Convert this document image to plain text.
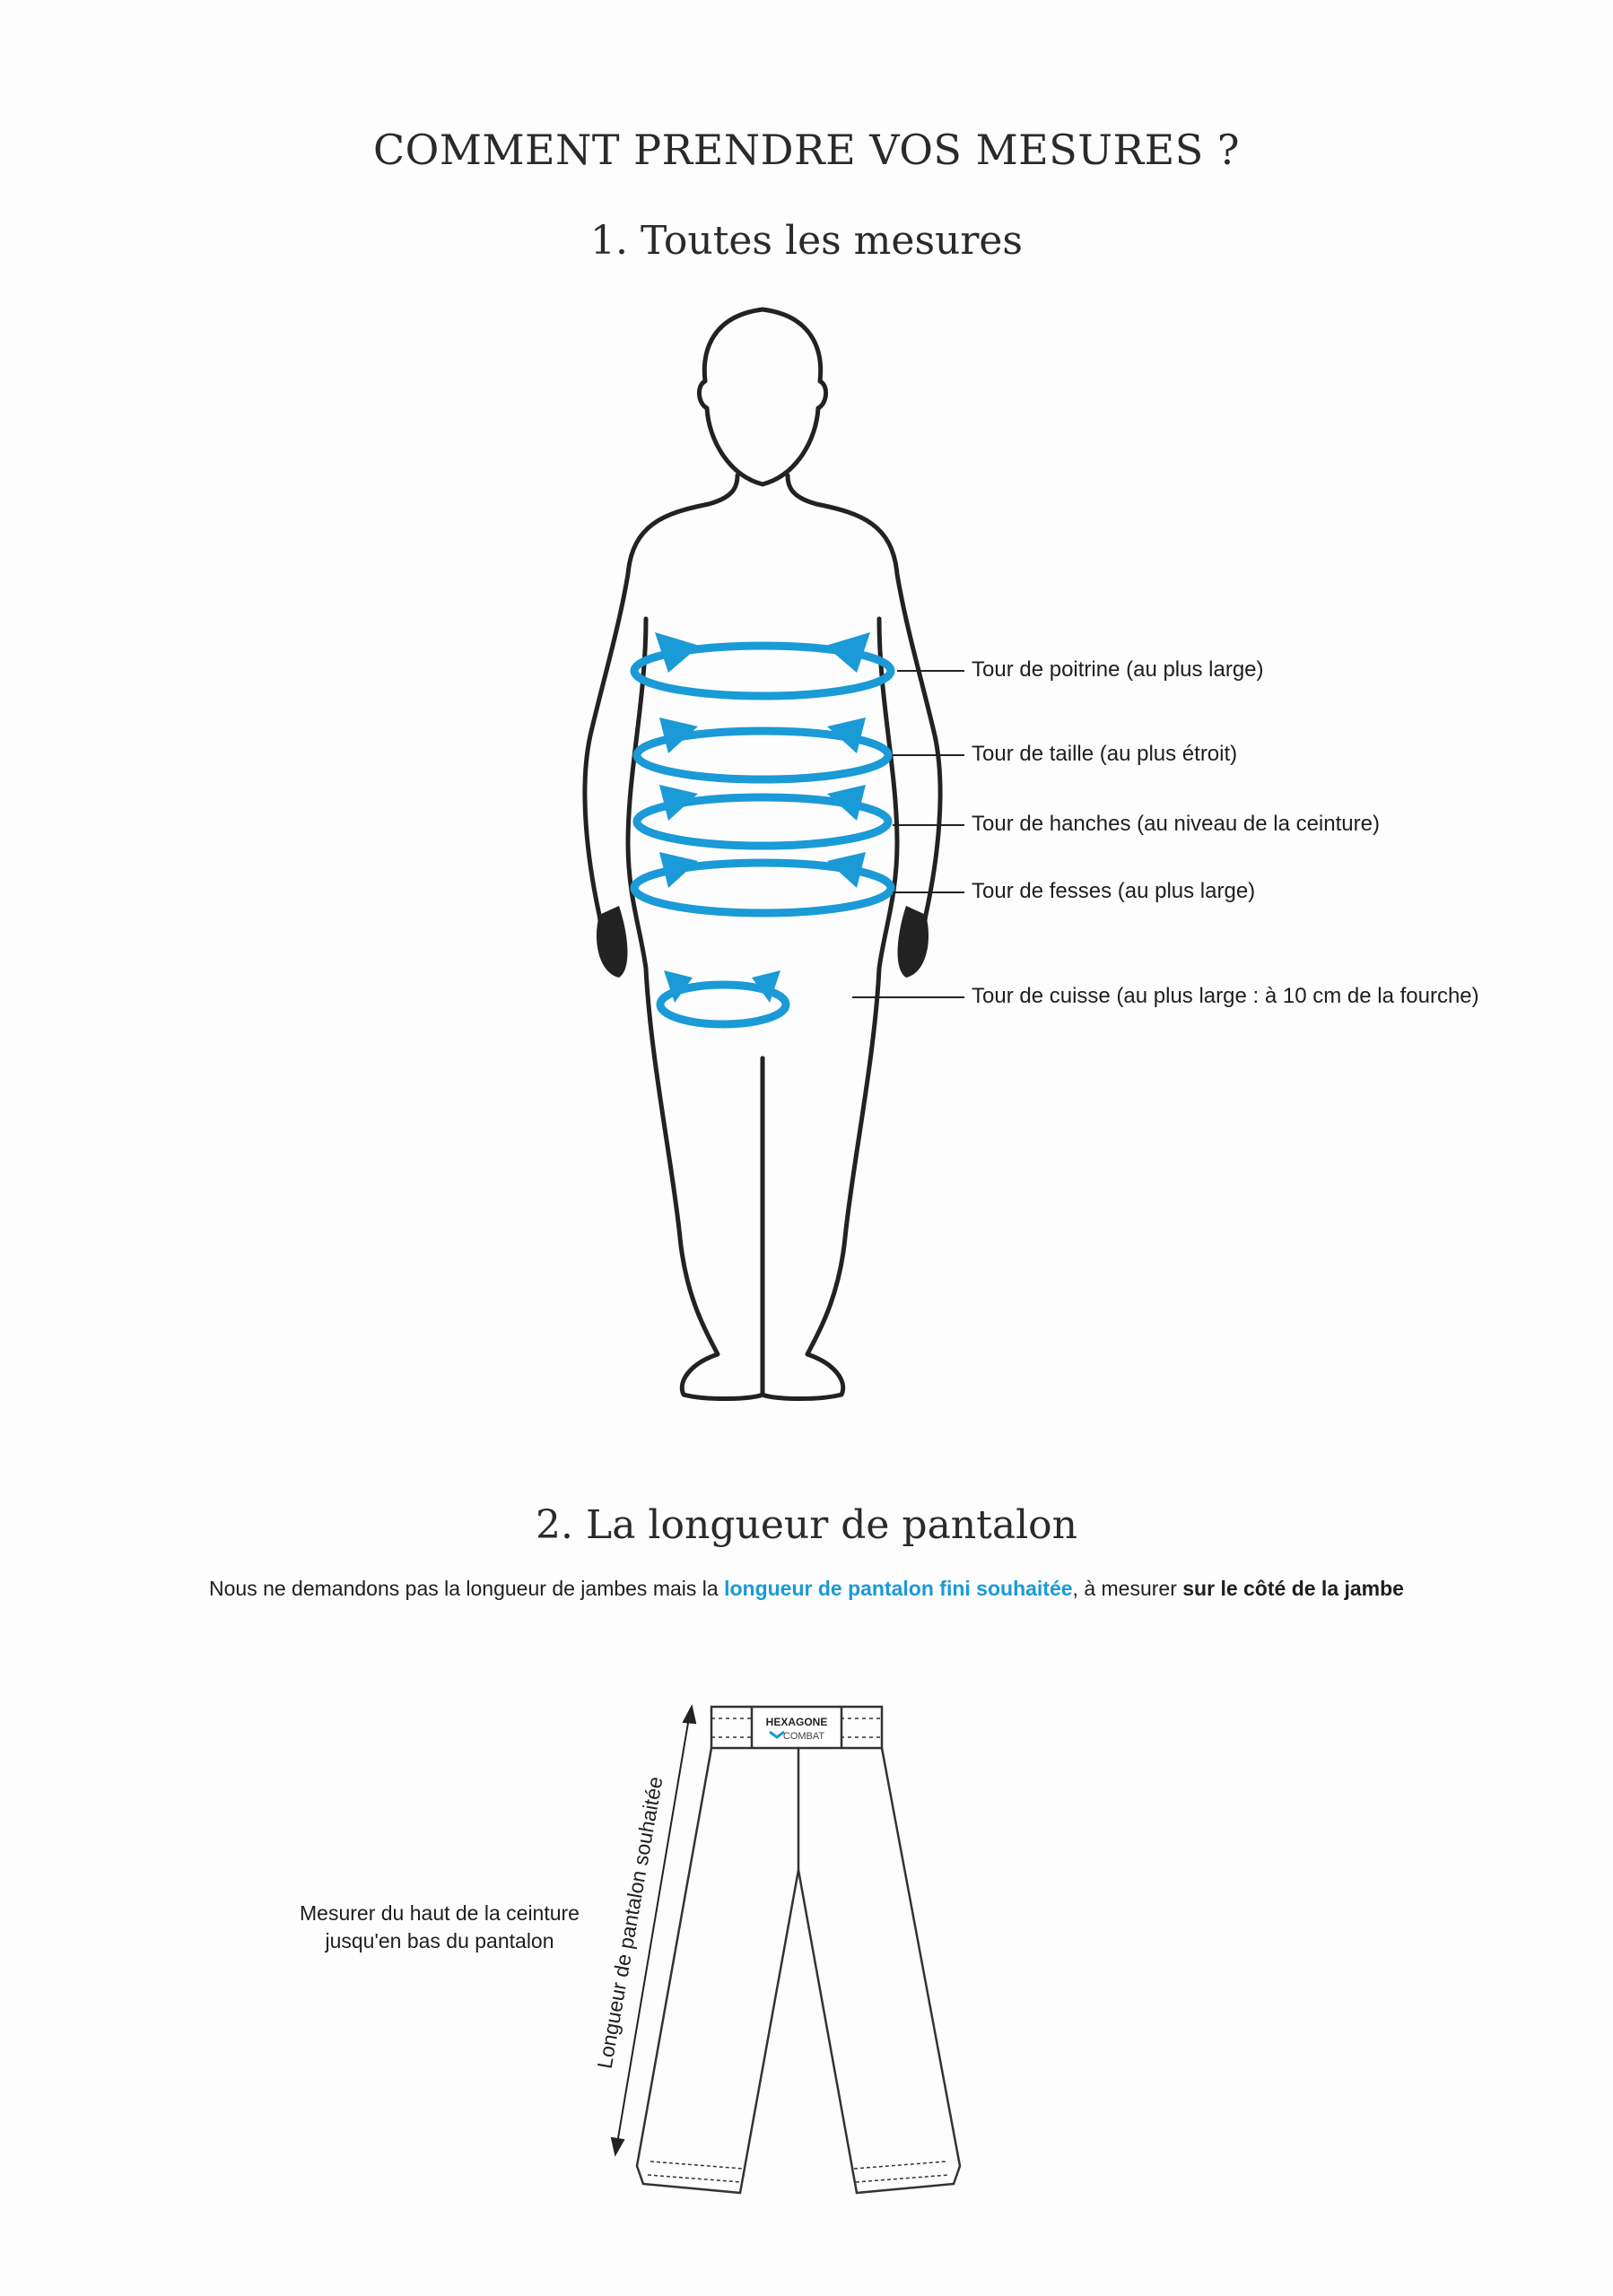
COMMENT PRENDRE VOS MESURES ?
1. Toutes les mesures
Tour de poitrine (au plus large)
Tour de taille (au plus étroit)
Tour de hanches (au niveau de la ceinture)
Tour de fesses (au plus large)
Tour de cuisse (au plus large : à 10 cm de la fourche)
2. La longueur de pantalon
Nous ne demandons pas la longueur de jambes mais la longueur de pantalon fini souhaitée, à mesurer sur le côté de la jambe
Mesurer du haut de la ceinture
jusqu'en bas du pantalon
HEXAGONE
COMBAT
Longueur de pantalon souhaitée
